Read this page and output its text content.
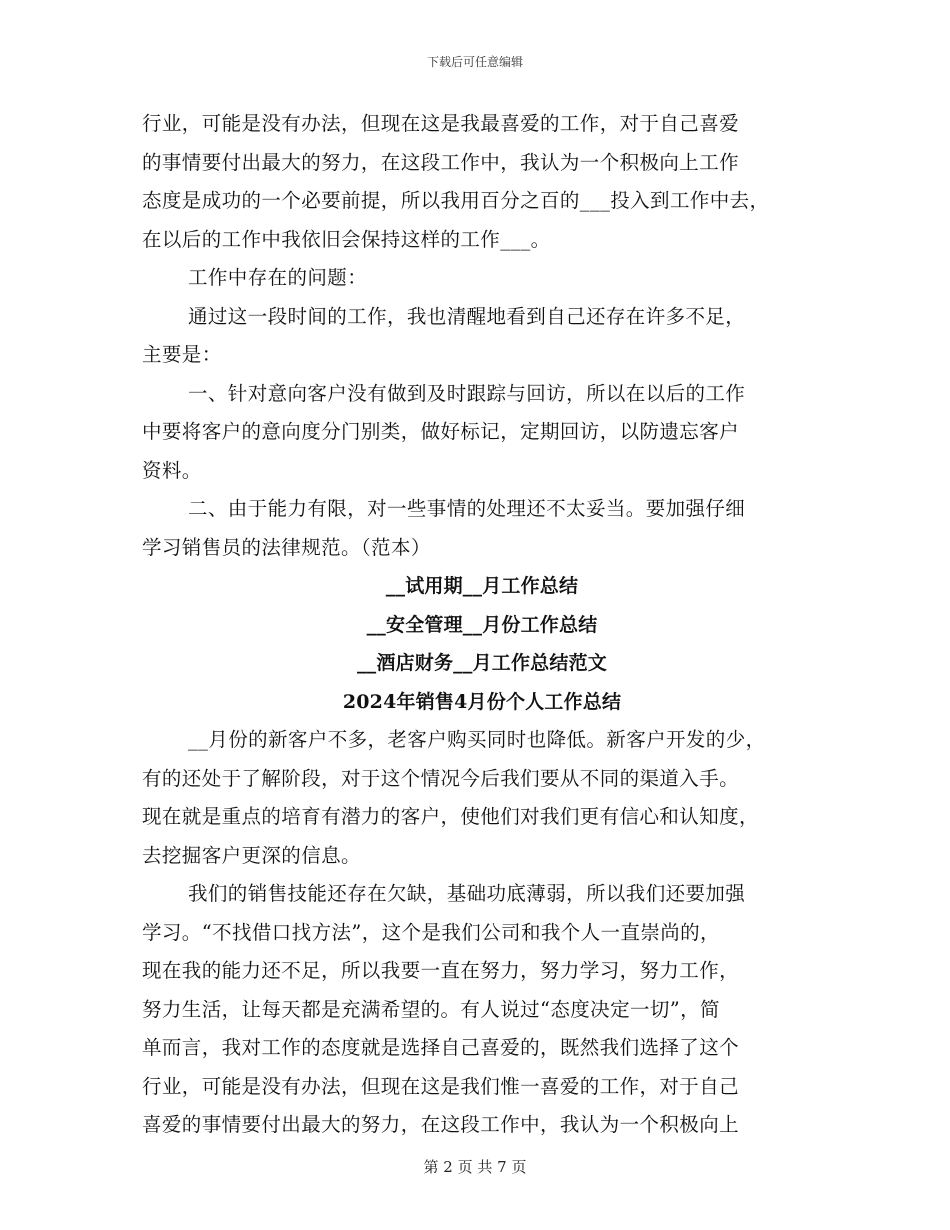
下载后可任意编辑
行业，可能是没有办法，但现在这是我最喜爱的工作，对于自己喜爱
的事情要付出最大的努力，在这段工作中，我认为一个积极向上工作
态度是成功的一个必要前提，所以我用百分之百的___投入到工作中去，
在以后的工作中我依旧会保持这样的工作___。
工作中存在的问题：
通过这一段时间的工作，我也清醒地看到自己还存在许多不足，
主要是：
一、针对意向客户没有做到及时跟踪与回访，所以在以后的工作
中要将客户的意向度分门别类，做好标记，定期回访，以防遗忘客户
资料。
二、由于能力有限，对一些事情的处理还不太妥当。要加强仔细
学习销售员的法律规范。（范本）
__试用期__月工作总结
__安全管理__月份工作总结
__酒店财务__月工作总结范文
2024年销售4月份个人工作总结
__月份的新客户不多，老客户购买同时也降低。新客户开发的少，
有的还处于了解阶段，对于这个情况今后我们要从不同的渠道入手。
现在就是重点的培育有潜力的客户，使他们对我们更有信心和认知度，
去挖掘客户更深的信息。
我们的销售技能还存在欠缺，基础功底薄弱，所以我们还要加强
学习。“不找借口找方法”，这个是我们公司和我个人一直崇尚的，
现在我的能力还不足，所以我要一直在努力，努力学习，努力工作，
努力生活，让每天都是充满希望的。有人说过“态度决定一切”，简
单而言，我对工作的态度就是选择自己喜爱的，既然我们选择了这个
行业，可能是没有办法，但现在这是我们惟一喜爱的工作，对于自己
喜爱的事情要付出最大的努力，在这段工作中，我认为一个积极向上
第 2 页 共 7 页
